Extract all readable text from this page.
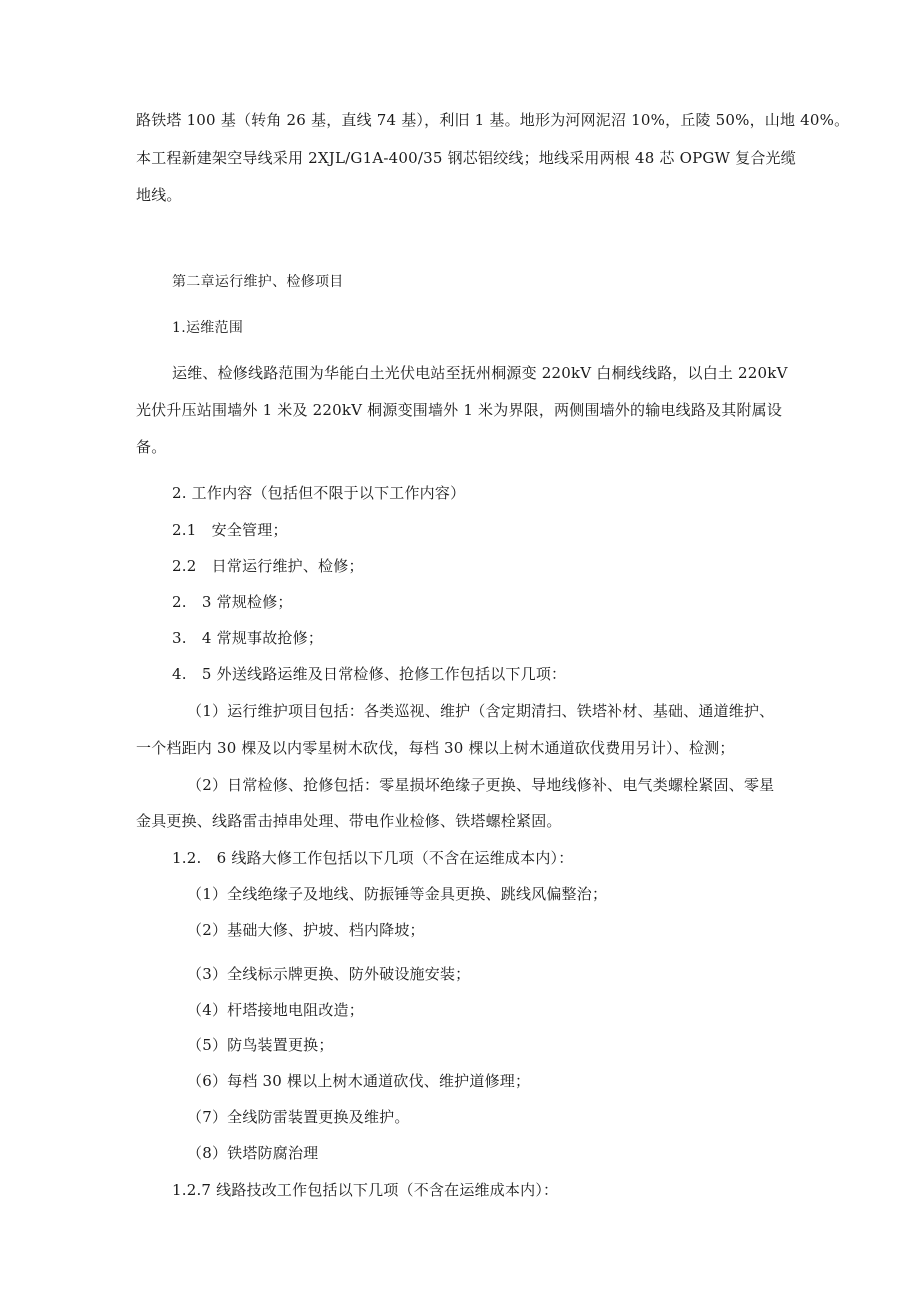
路铁塔 100 基（转角 26 基，直线 74 基），利旧 1 基。地形为河网泥沼 10%，丘陵 50%，山地 40%。
本工程新建架空导线采用 2XJL/G1A-400/35 钢芯铝绞线；地线采用两根 48 芯 OPGW 复合光缆
地线。
第二章运行维护、检修项目
1.运维范围
运维、检修线路范围为华能白土光伏电站至抚州桐源变 220kV 白桐线线路，以白土 220kV
光伏升压站围墙外 1 米及 220kV 桐源变围墙外 1 米为界限，两侧围墙外的输电线路及其附属设
备。
2. 工作内容（包括但不限于以下工作内容）
2.1　安全管理；
2.2　日常运行维护、检修；
2.　3 常规检修；
3.　4 常规事故抢修；
4.　5 外送线路运维及日常检修、抢修工作包括以下几项：
（1）运行维护项目包括：各类巡视、维护（含定期清扫、铁塔补材、基础、通道维护、
一个档距内 30 棵及以内零星树木砍伐，每档 30 棵以上树木通道砍伐费用另计）、检测；
（2）日常检修、抢修包括：零星损坏绝缘子更换、导地线修补、电气类螺栓紧固、零星
金具更换、线路雷击掉串处理、带电作业检修、铁塔螺栓紧固。
1.2.　6 线路大修工作包括以下几项（不含在运维成本内）：
（1）全线绝缘子及地线、防振锤等金具更换、跳线风偏整治；
（2）基础大修、护坡、档内降坡；
（3）全线标示牌更换、防外破设施安装；
（4）杆塔接地电阻改造；
（5）防鸟装置更换；
（6）每档 30 棵以上树木通道砍伐、维护道修理；
（7）全线防雷装置更换及维护。
（8）铁塔防腐治理
1.2.7 线路技改工作包括以下几项（不含在运维成本内）：
